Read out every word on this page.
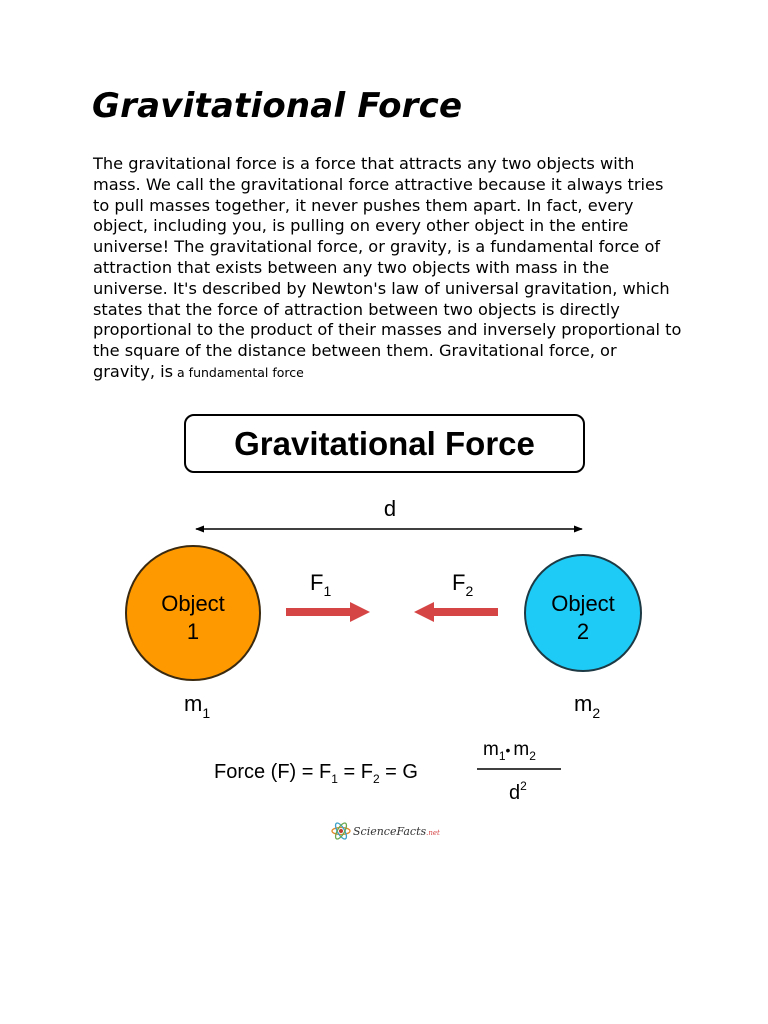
Gravitational Force

The gravitational force is a force that attracts any two objects with mass. We call the gravitational force attractive because it always tries to pull masses together, it never pushes them apart. In fact, every object, including you, is pulling on every other object in the entire universe! The gravitational force, or gravity, is a fundamental force of attraction that exists between any two objects with mass in the universe. It's described by Newton's law of universal gravitation, which states that the force of attraction between two objects is directly proportional to the product of their masses and inversely proportional to the square of the distance between them. Gravitational force, or gravity, is a fundamental force

Gravitational Force
d
Object
1
Object
2
$F_1$	$F_2$
$m_1$	$m_2$
Force $(F) = F_1 = F_2 = G$
$m_1^•$ $m_2$
$d^2$
ScienceFacts.net
